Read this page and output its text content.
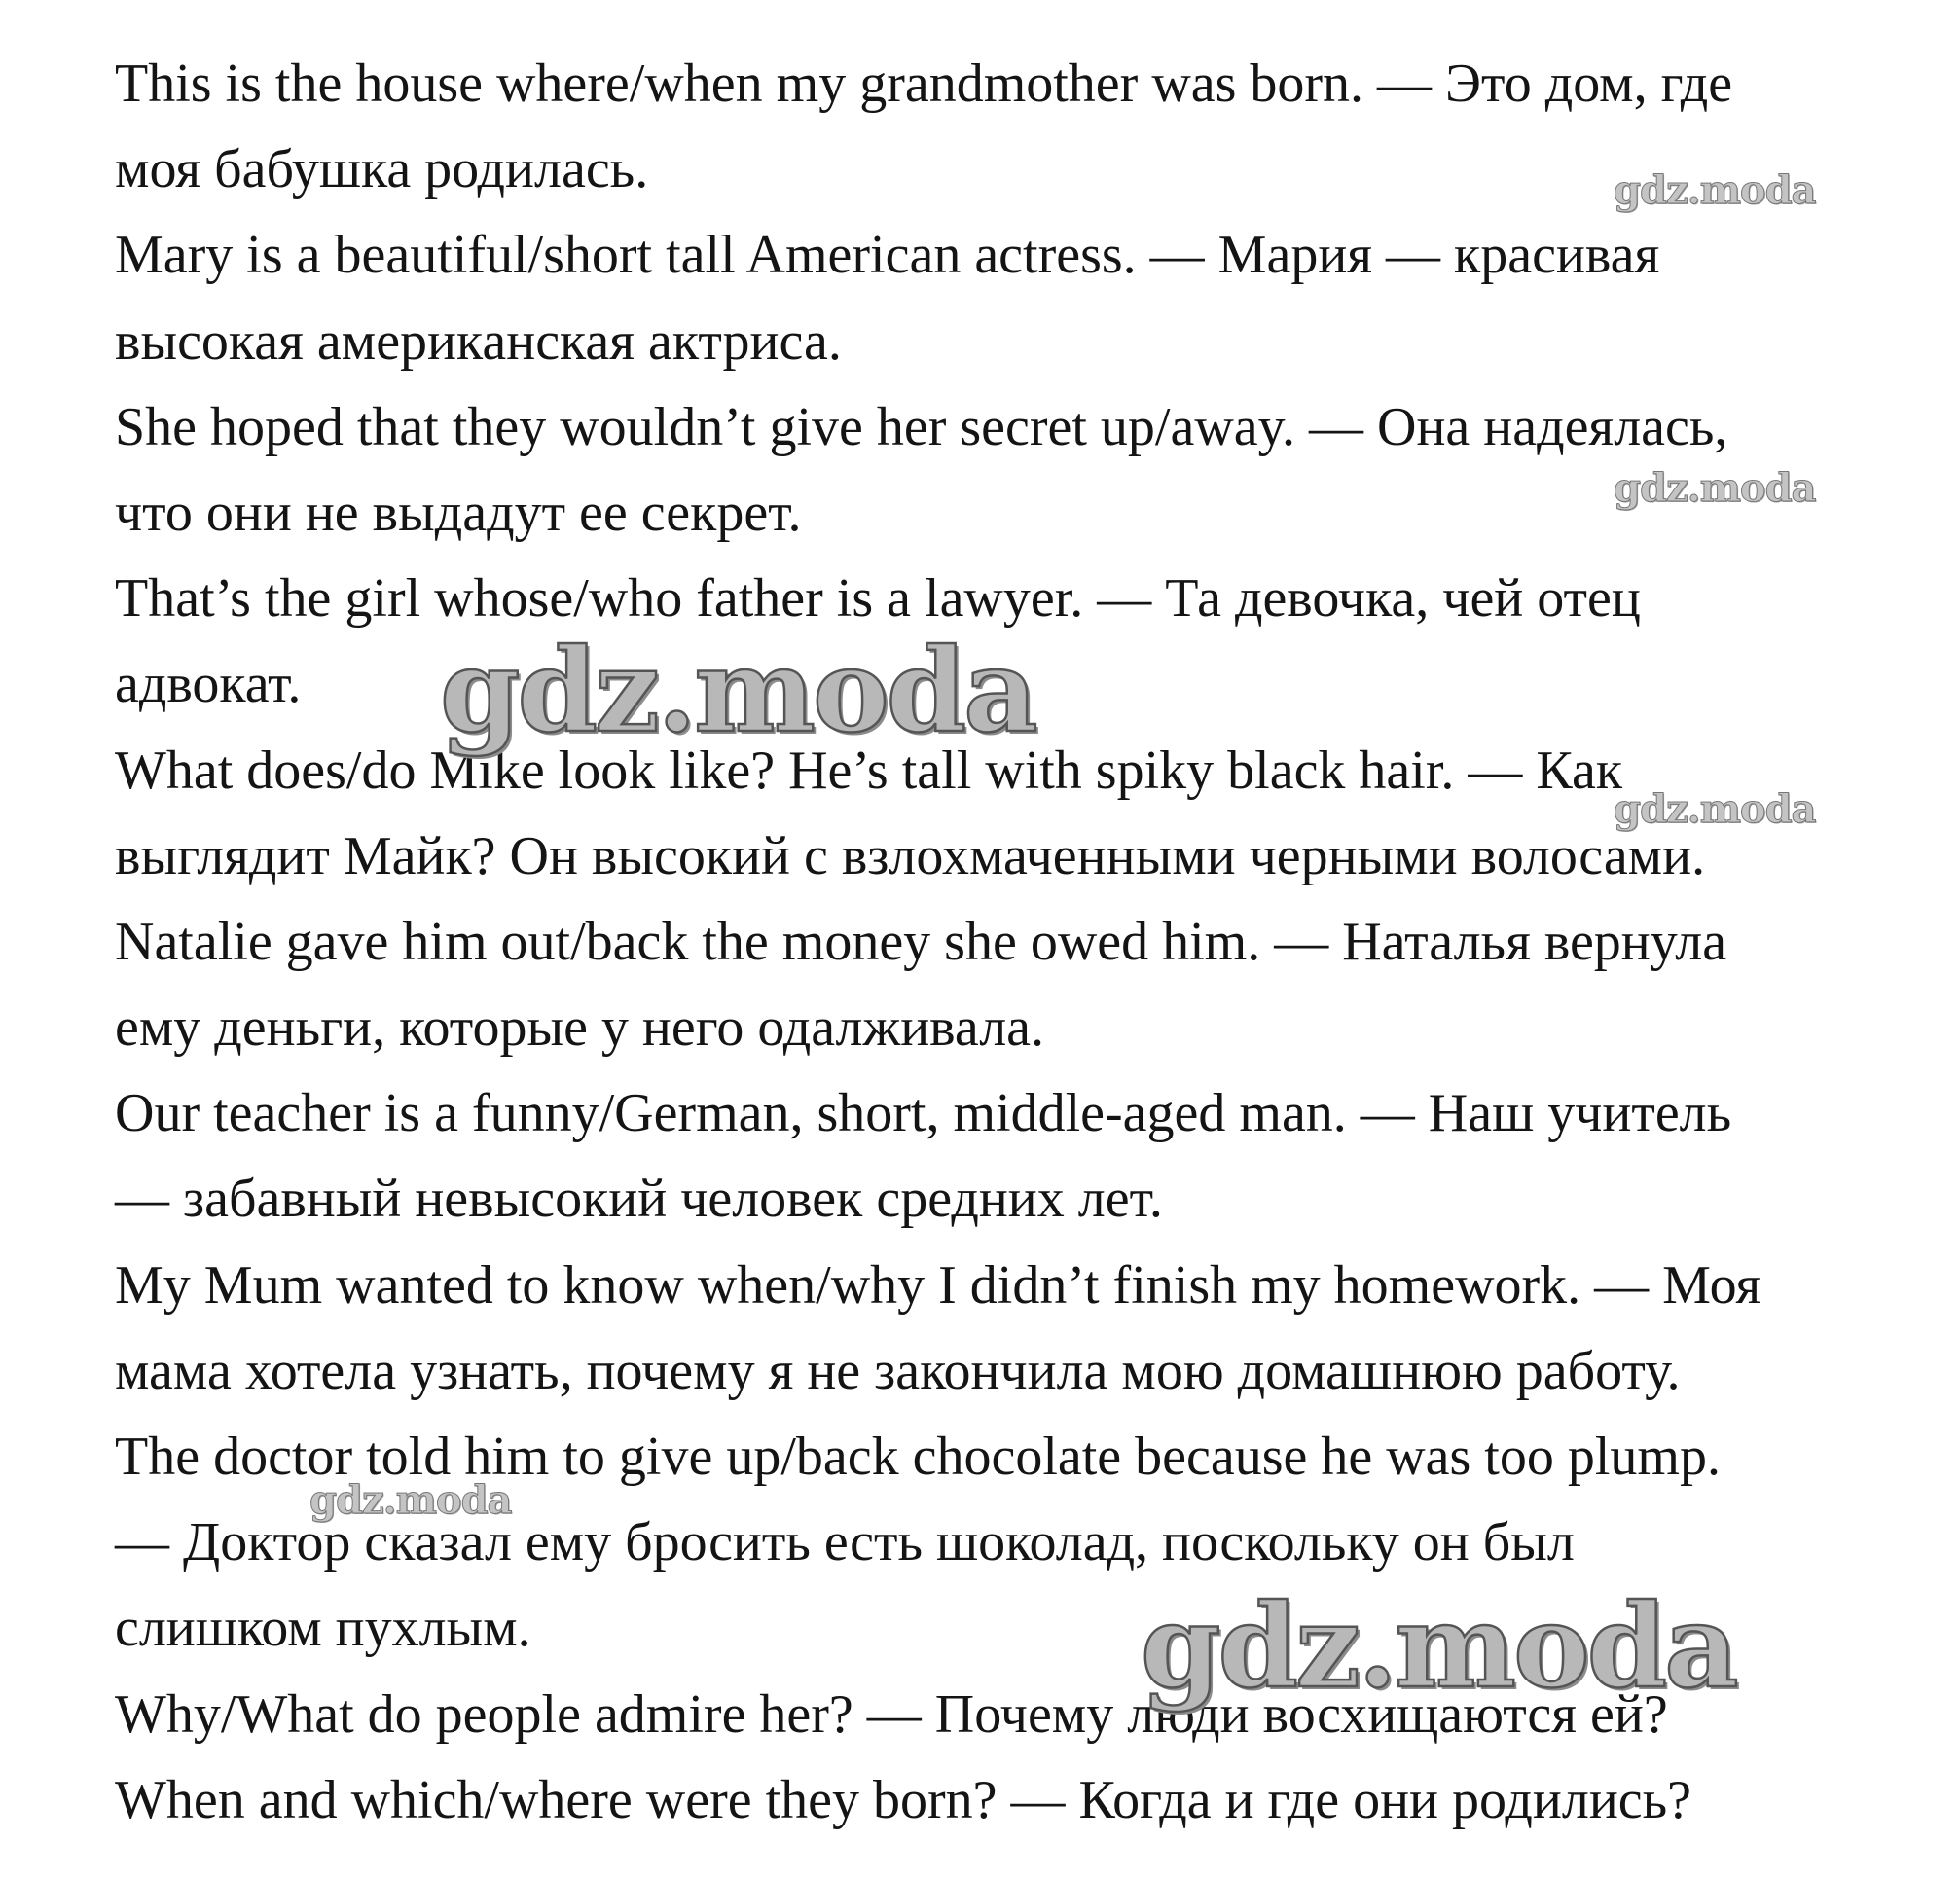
This is the house where/when my grandmother was born. — Это дом, где
моя бабушка родилась.
Mary is a beautiful/short tall American actress. — Мария — красивая
высокая американская актриса.
She hoped that they wouldn’t give her secret up/away. — Она надеялась,
что они не выдадут ее секрет.
That’s the girl whose/who father is a lawyer. — Та девочка, чей отец
адвокат.
What does/do Mike look like? He’s tall with spiky black hair. — Как
выглядит Майк? Он высокий с взлохмаченными черными волосами.
Natalie gave him out/back the money she owed him. — Наталья вернула
ему деньги, которые у него одалживала.
Our teacher is a funny/German, short, middle-aged man. — Наш учитель
— забавный невысокий человек средних лет.
My Mum wanted to know when/why I didn’t finish my homework. — Моя
мама хотела узнать, почему я не закончила мою домашнюю работу.
The doctor told him to give up/back chocolate because he was too plump.
— Доктор сказал ему бросить есть шоколад, поскольку он был
слишком пухлым.
Why/What do people admire her? — Почему люди восхищаются ей?
When and which/where were they born? — Когда и где они родились?
gdz.moda
gdz.moda
gdz.moda
gdz.moda
gdz.moda
gdz.moda
